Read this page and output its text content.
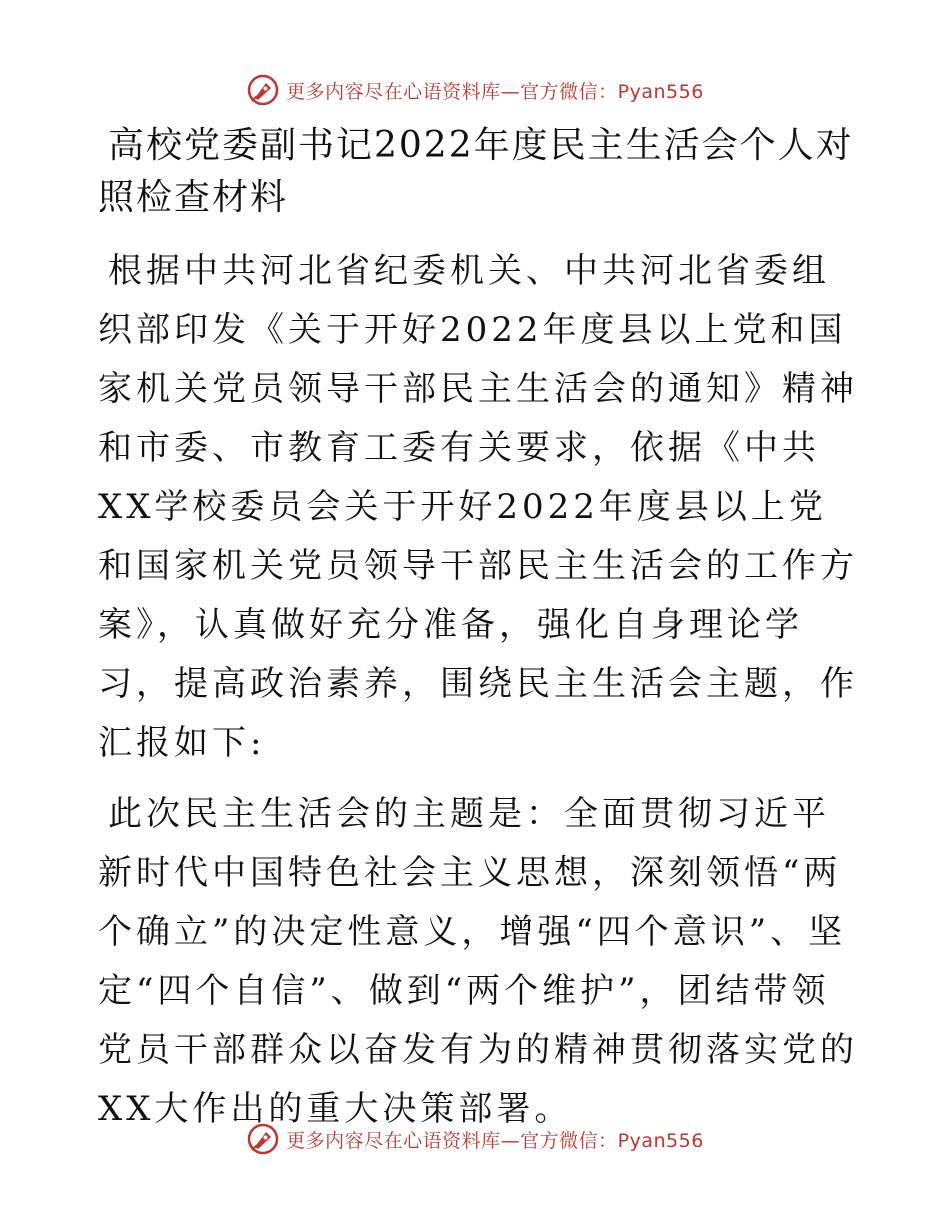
更多内容尽在心语资料库—官方微信：Pyan556
高校党委副书记2022年度民主生活会个人对照检查材料
根据中共河北省纪委机关、中共河北省委组织部印发《关于开好2022年度县以上党和国家机关党员领导干部民主生活会的通知》精神和市委、市教育工委有关要求，依据《中共XX学校委员会关于开好2022年度县以上党和国家机关党员领导干部民主生活会的工作方案》，认真做好充分准备，强化自身理论学习，提高政治素养，围绕民主生活会主题，作汇报如下:
此次民主生活会的主题是：全面贯彻习近平新时代中国特色社会主义思想，深刻领悟“两个确立”的决定性意义，增强“四个意识”、坚定“四个自信”、做到“两个维护”，团结带领党员干部群众以奋发有为的精神贯彻落实党的XX大作出的重大决策部署。
更多内容尽在心语资料库—官方微信：Pyan556
